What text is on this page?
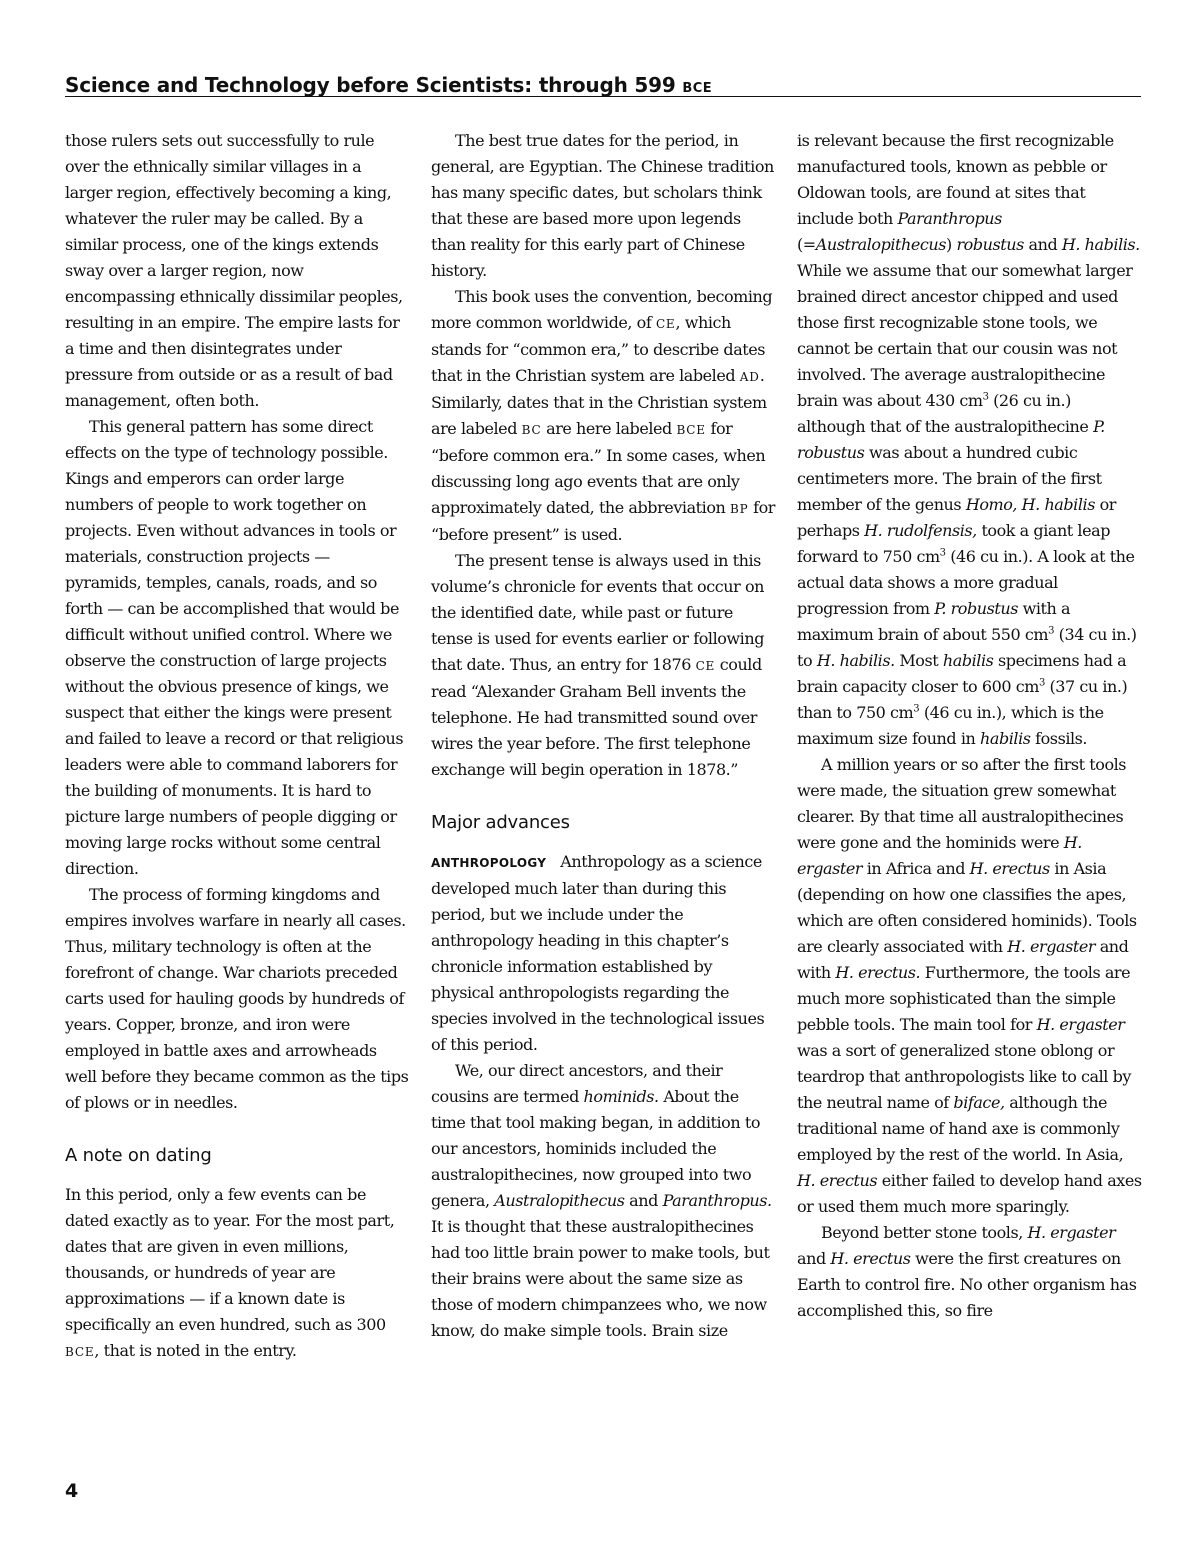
Science and Technology before Scientists: through 599 BCE

those rulers sets out successfully to rule over the ethnically similar villages in a larger region, effectively becoming a king, whatever the ruler may be called. By a similar process, one of the kings extends sway over a larger region, now encompassing ethnically dissimilar peoples, resulting in an empire. The empire lasts for a time and then disintegrates under pressure from outside or as a result of bad management, often both.

This general pattern has some direct effects on the type of technology possible. Kings and emperors can order large numbers of people to work together on projects. Even without advances in tools or materials, construction projects — pyramids, temples, canals, roads, and so forth — can be accomplished that would be difficult without unified control. Where we observe the construction of large projects without the obvious presence of kings, we suspect that either the kings were present and failed to leave a record or that religious leaders were able to command laborers for the building of monuments. It is hard to picture large numbers of people digging or moving large rocks without some central direction.

The process of forming kingdoms and empires involves warfare in nearly all cases. Thus, military technology is often at the forefront of change. War chariots preceded carts used for hauling goods by hundreds of years. Copper, bronze, and iron were employed in battle axes and arrowheads well before they became common as the tips of plows or in needles.

A note on dating

In this period, only a few events can be dated exactly as to year. For the most part, dates that are given in even millions, thousands, or hundreds of year are approximations — if a known date is specifically an even hundred, such as 300 BCE, that is noted in the entry.

The best true dates for the period, in general, are Egyptian. The Chinese tradition has many specific dates, but scholars think that these are based more upon legends than reality for this early part of Chinese history.

This book uses the convention, becoming more common worldwide, of CE, which stands for “common era,” to describe dates that in the Christian system are labeled AD. Similarly, dates that in the Christian system are labeled BC are here labeled BCE for “before common era.” In some cases, when discussing long ago events that are only approximately dated, the abbreviation BP for “before present” is used.

The present tense is always used in this volume’s chronicle for events that occur on the identified date, while past or future tense is used for events earlier or following that date. Thus, an entry for 1876 CE could read “Alexander Graham Bell invents the telephone. He had transmitted sound over wires the year before. The first telephone exchange will begin operation in 1878.”

Major advances

ANTHROPOLOGY Anthropology as a science developed much later than during this period, but we include under the anthropology heading in this chapter’s chronicle information established by physical anthropologists regarding the species involved in the technological issues of this period.

We, our direct ancestors, and their cousins are termed hominids. About the time that tool making began, in addition to our ancestors, hominids included the australopithecines, now grouped into two genera, Australopithecus and Paranthropus. It is thought that these australopithecines had too little brain power to make tools, but their brains were about the same size as those of modern chimpanzees who, we now know, do make simple tools. Brain size

is relevant because the first recognizable manufactured tools, known as pebble or Oldowan tools, are found at sites that include both Paranthropus (=Australopithecus) robustus and H. habilis. While we assume that our somewhat larger brained direct ancestor chipped and used those first recognizable stone tools, we cannot be certain that our cousin was not involved. The average australopithecine brain was about 430 $cm^3$ (26 cu in.) although that of the australopithecine P. robustus was about a hundred cubic centimeters more. The brain of the first member of the genus Homo, H. habilis or perhaps H. rudolfensis, took a giant leap forward to 750 $cm^3$ (46 cu in.). A look at the actual data shows a more gradual progression from P. robustus with a maximum brain of about 550 $cm^3$ (34 cu in.) to H. habilis. Most habilis specimens had a brain capacity closer to 600 $cm^3$ (37 cu in.) than to 750 $cm^3$ (46 cu in.), which is the maximum size found in habilis fossils.

A million years or so after the first tools were made, the situation grew somewhat clearer. By that time all australopithecines were gone and the hominids were H. ergaster in Africa and H. erectus in Asia (depending on how one classifies the apes, which are often considered hominids). Tools are clearly associated with H. ergaster and with H. erectus. Furthermore, the tools are much more sophisticated than the simple pebble tools. The main tool for H. ergaster was a sort of generalized stone oblong or teardrop that anthropologists like to call by the neutral name of biface, although the traditional name of hand axe is commonly employed by the rest of the world. In Asia, H. erectus either failed to develop hand axes or used them much more sparingly.

Beyond better stone tools, H. ergaster and H. erectus were the first creatures on Earth to control fire. No other organism has accomplished this, so fire

4
